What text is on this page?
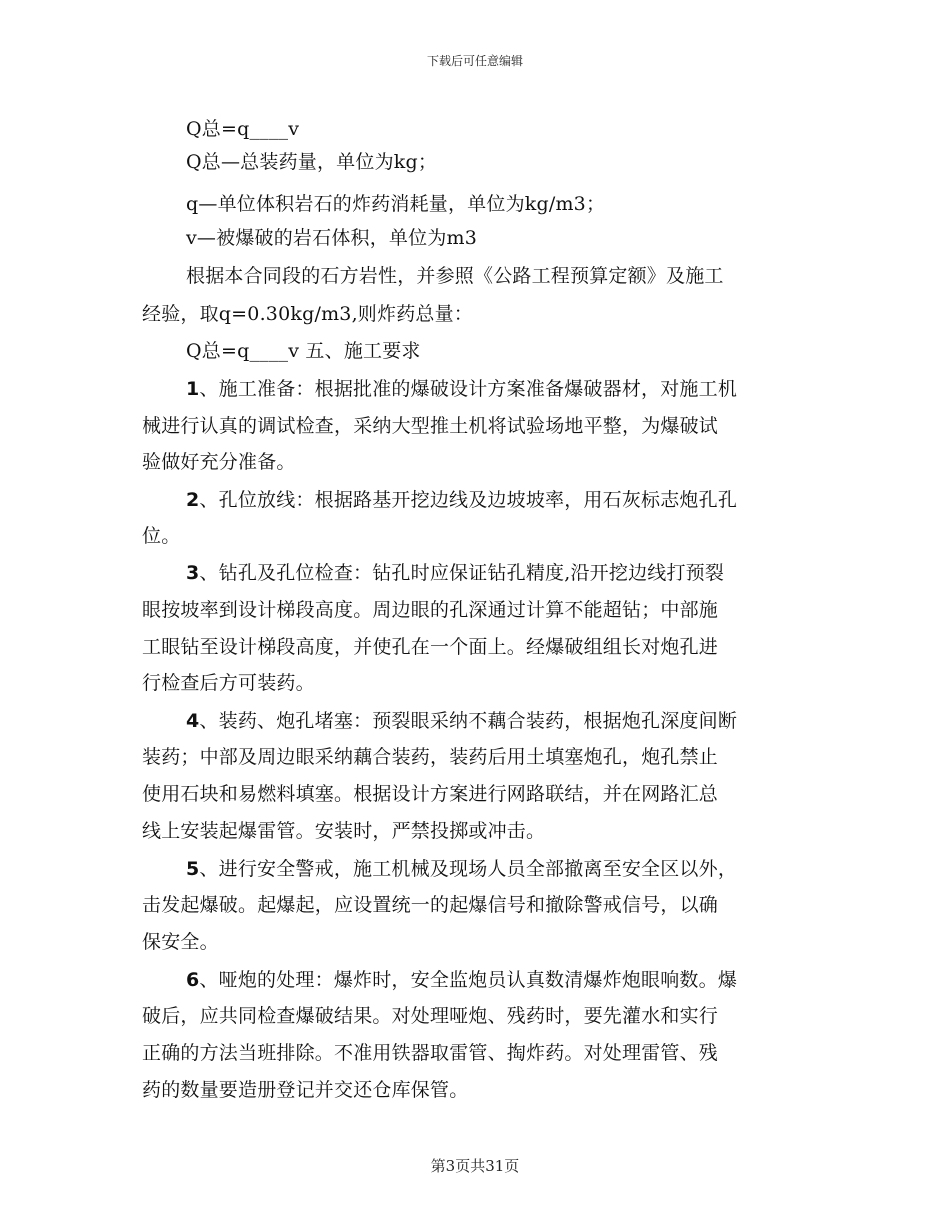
下载后可任意编辑
Q总=q____v
Q总—总装药量，单位为kg；
q—单位体积岩石的炸药消耗量，单位为kg/m3；
v—被爆破的岩石体积，单位为m3
根据本合同段的石方岩性，并参照《公路工程预算定额》及施工
经验，取q=0.30kg/m3,则炸药总量：
Q总=q____v 五、施工要求
1、施工准备：根据批准的爆破设计方案准备爆破器材，对施工机
械进行认真的调试检查，采纳大型推土机将试验场地平整，为爆破试
验做好充分准备。
2、孔位放线：根据路基开挖边线及边坡坡率，用石灰标志炮孔孔
位。
3、钻孔及孔位检查：钻孔时应保证钻孔精度,沿开挖边线打预裂
眼按坡率到设计梯段高度。周边眼的孔深通过计算不能超钻；中部施
工眼钻至设计梯段高度，并使孔在一个面上。经爆破组组长对炮孔进
行检查后方可装药。
4、装药、炮孔堵塞：预裂眼采纳不藕合装药，根据炮孔深度间断
装药；中部及周边眼采纳藕合装药，装药后用土填塞炮孔，炮孔禁止
使用石块和易燃料填塞。根据设计方案进行网路联结，并在网路汇总
线上安装起爆雷管。安装时，严禁投掷或冲击。
5、进行安全警戒，施工机械及现场人员全部撤离至安全区以外，
击发起爆破。起爆起，应设置统一的起爆信号和撤除警戒信号，以确
保安全。
6、哑炮的处理：爆炸时，安全监炮员认真数清爆炸炮眼响数。爆
破后，应共同检查爆破结果。对处理哑炮、残药时，要先灌水和实行
正确的方法当班排除。不准用铁器取雷管、掏炸药。对处理雷管、残
药的数量要造册登记并交还仓库保管。
第3页共31页
